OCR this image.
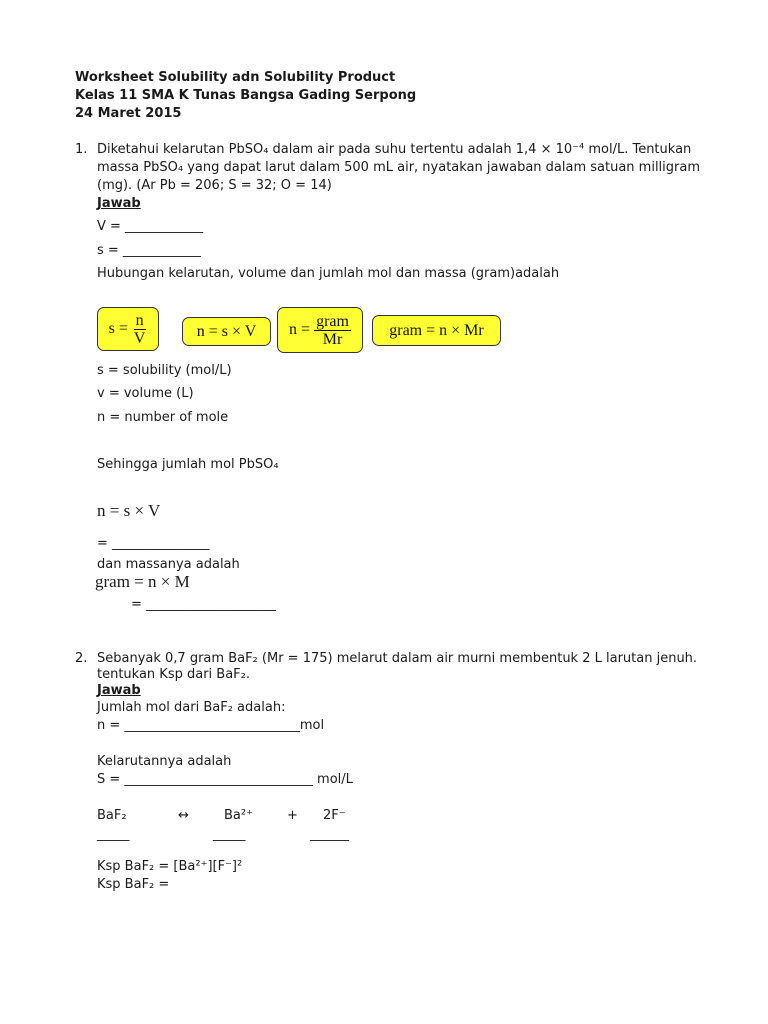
Worksheet Solubility adn Solubility Product
Kelas 11 SMA K Tunas Bangsa Gading Serpong
24 Maret 2015
1. Diketahui kelarutan PbSO₄ dalam air pada suhu tertentu adalah 1,4 × 10⁻⁴ mol/L. Tentukan
massa PbSO₄ yang dapat larut dalam 500 mL air, nyatakan jawaban dalam satuan milligram
(mg). (Ar Pb = 206; S = 32; O = 14)
Jawab
V = ____________
s = ____________
Hubungan kelarutan, volume dan jumlah mol dan massa (gram)adalah
$s = \frac{n}{V}$	n = s × V $n = \frac{\text{gram}}{Mr}$ gram = n × Mr
s = solubility (mol/L)
v = volume (L)
n = number of mole
Sehingga jumlah mol PbSO₄
n = s × V
= _______________
dan massanya adalah
gram = n × M
= ____________________
2. Sebanyak 0,7 gram BaF₂ (Mr = 175) melarut dalam air murni membentuk 2 L larutan jenuh.
tentukan Ksp dari BaF₂.
Jawab
Jumlah mol dari BaF₂ adalah:
n = ___________________________mol
Kelarutannya adalah
S = _____________________________ mol/L
BaF₂	↔	Ba²⁺	+ 2F⁻
_____	_____	______
Ksp BaF₂ = [Ba²⁺][F⁻]²
Ksp BaF₂ =
